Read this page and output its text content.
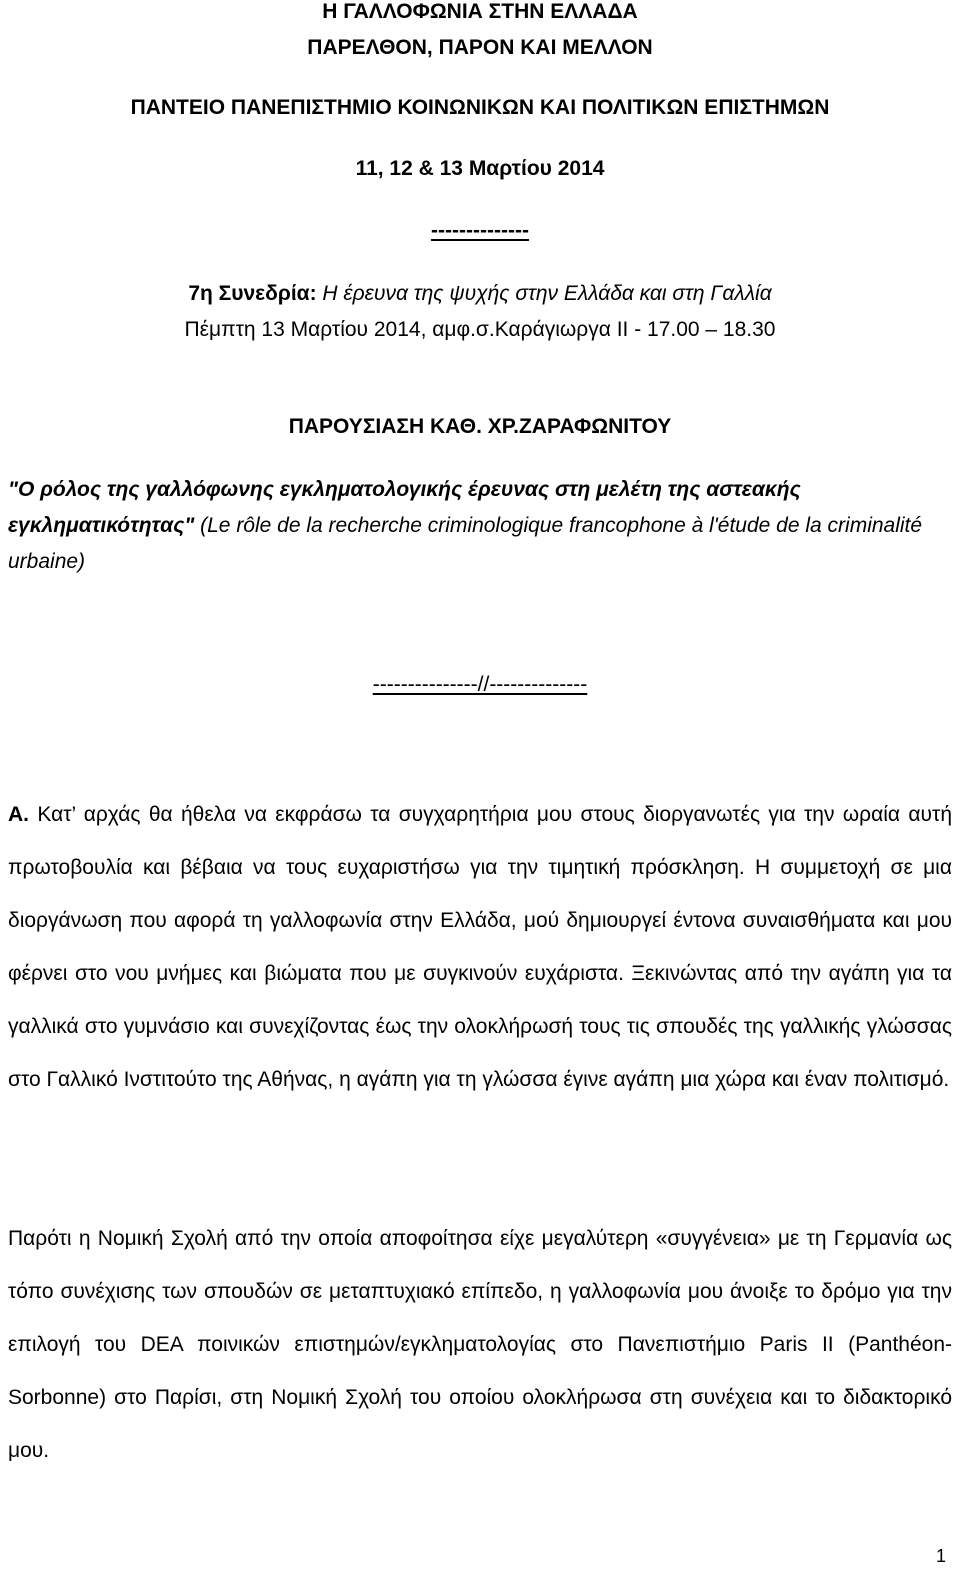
Η ΓΑΛΛΟΦΩΝΙΑ ΣΤΗΝ ΕΛΛΑΔΑ
ΠΑΡΕΛΘΟΝ, ΠΑΡΟΝ ΚΑΙ ΜΕΛΛΟΝ
ΠΑΝΤΕΙΟ ΠΑΝΕΠΙΣΤΗΜΙΟ ΚΟΙΝΩΝΙΚΩΝ ΚΑΙ ΠΟΛΙΤΙΚΩΝ ΕΠΙΣΤΗΜΩΝ
11, 12 & 13 Μαρτίου 2014
--------------
7η Συνεδρία: Η έρευνα της ψυχής στην Ελλάδα και στη Γαλλία
Πέμπτη 13 Μαρτίου 2014, αμφ.σ.Καράγιωργα ΙΙ - 17.00 – 18.30
ΠΑΡΟΥΣΙΑΣΗ ΚΑΘ. ΧΡ.ΖΑΡΑΦΩΝΙΤΟΥ
"Ο ρόλος της γαλλόφωνης εγκληματολογικής έρευνας στη μελέτη της αστεακής εγκληματικότητας" (Le rôle de la recherche criminologique francophone à l'étude de la criminalité urbaine)
---------------//--------------
Α. Κατ’ αρχάς θα ήθελα να εκφράσω τα συγχαρητήρια μου στους διοργανωτές για την ωραία αυτή πρωτοβουλία και βέβαια να τους ευχαριστήσω για την τιμητική πρόσκληση. Η συμμετοχή σε μια διοργάνωση που αφορά τη γαλλοφωνία στην Ελλάδα, μού δημιουργεί έντονα συναισθήματα και μου φέρνει στο νου μνήμες και βιώματα που με συγκινούν ευχάριστα. Ξεκινώντας από την αγάπη για τα γαλλικά στο γυμνάσιο και συνεχίζοντας έως την ολοκλήρωσή τους τις σπουδές της γαλλικής γλώσσας στο Γαλλικό Ινστιτούτο της Αθήνας, η αγάπη για τη γλώσσα έγινε αγάπη μια χώρα και έναν πολιτισμό.
Παρότι η Νομική Σχολή από την οποία αποφοίτησα είχε μεγαλύτερη «συγγένεια» με τη Γερμανία ως τόπο συνέχισης των σπουδών σε μεταπτυχιακό επίπεδο, η γαλλοφωνία μου άνοιξε το δρόμο για την επιλογή του DEA ποινικών επιστημών/εγκληματολογίας στο Πανεπιστήμιο Paris II (Panthéon-Sorbonne) στο Παρίσι, στη Νομική Σχολή του οποίου ολοκλήρωσα στη συνέχεια και το διδακτορικό μου.
1
